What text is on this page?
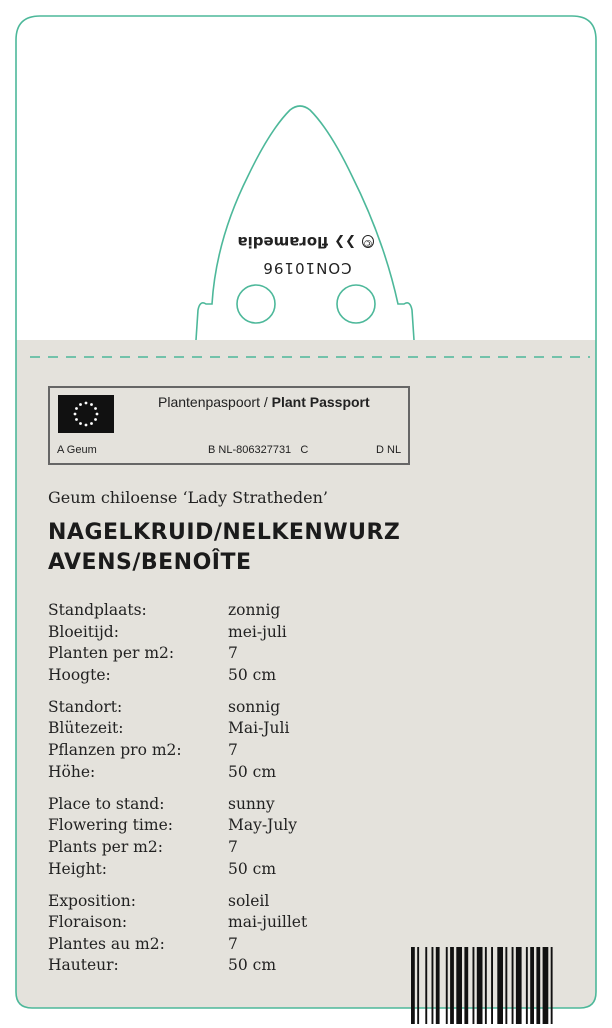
©
❯❯
floramedia
CON10196
Plantenpaspoort / Plant Passport
A Geum	B NL-806327731   C	D NL
Geum chiloense ‘Lady Stratheden’
NAGELKRUID/NELKENWURZ
AVENS/BENOÎTE
Standplaats:	zonnig
Bloeitijd:	mei-juli
Planten per m2:	7
Hoogte:	50 cm
Standort:	sonnig
Blütezeit:	Mai-Juli
Pflanzen pro m2:	7
Höhe:	50 cm
Place to stand:	sunny
Flowering time:	May-July
Plants per m2:	7
Height:	50 cm
Exposition:	soleil
Floraison:	mai-juillet
Plantes au m2:	7
Hauteur:	50 cm
